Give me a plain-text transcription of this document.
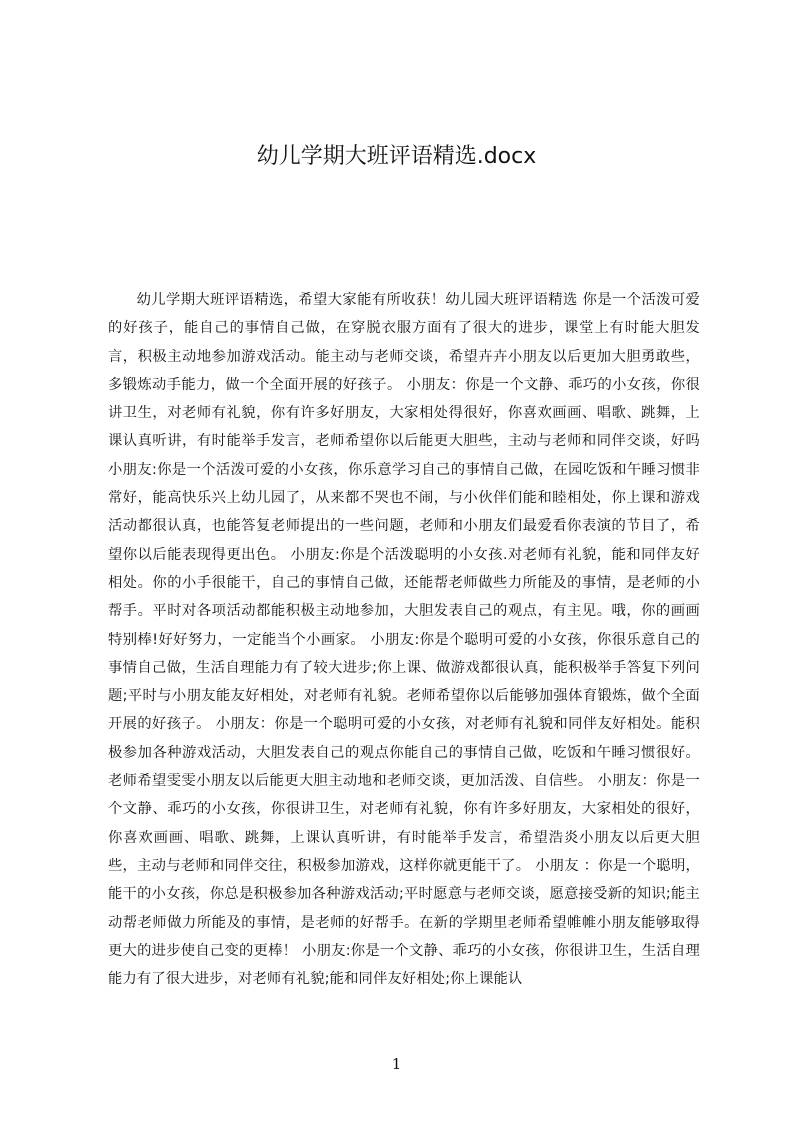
幼儿学期大班评语精选.docx

幼儿学期大班评语精选，希望大家能有所收获！幼儿园大班评语精选 你是一个活泼可爱的好孩子，能自己的事情自己做，在穿脱衣服方面有了很大的进步，课堂上有时能大胆发言，积极主动地参加游戏活动。能主动与老师交谈，希望卉卉小朋友以后更加大胆勇敢些，多锻炼动手能力，做一个全面开展的好孩子。 小朋友：你是一个文静、乖巧的小女孩，你很讲卫生，对老师有礼貌，你有许多好朋友，大家相处得很好，你喜欢画画、唱歌、跳舞，上课认真听讲，有时能举手发言，老师希望你以后能更大胆些，主动与老师和同伴交谈，好吗 小朋友:你是一个活泼可爱的小女孩，你乐意学习自己的事情自己做，在园吃饭和午睡习惯非常好，能高快乐兴上幼儿园了，从来都不哭也不闹，与小伙伴们能和睦相处，你上课和游戏活动都很认真，也能答复老师提出的一些问题，老师和小朋友们最爱看你表演的节目了，希望你以后能表现得更出色。 小朋友:你是个活泼聪明的小女孩.对老师有礼貌，能和同伴友好相处。你的小手很能干，自己的事情自己做，还能帮老师做些力所能及的事情，是老师的小帮手。平时对各项活动都能积极主动地参加，大胆发表自己的观点，有主见。哦，你的画画特别棒!好好努力，一定能当个小画家。 小朋友:你是个聪明可爱的小女孩，你很乐意自己的事情自己做，生活自理能力有了较大进步;你上课、做游戏都很认真，能积极举手答复下列问题;平时与小朋友能友好相处，对老师有礼貌。老师希望你以后能够加强体育锻炼，做个全面开展的好孩子。 小朋友：你是一个聪明可爱的小女孩，对老师有礼貌和同伴友好相处。能积极参加各种游戏活动，大胆发表自己的观点你能自己的事情自己做，吃饭和午睡习惯很好。老师希望雯雯小朋友以后能更大胆主动地和老师交谈，更加活泼、自信些。 小朋友：你是一个文静、乖巧的小女孩，你很讲卫生，对老师有礼貌，你有许多好朋友，大家相处的很好，你喜欢画画、唱歌、跳舞，上课认真听讲，有时能举手发言，希望浩炎小朋友以后更大胆些，主动与老师和同伴交往，积极参加游戏，这样你就更能干了。 小朋友 ：你是一个聪明，能干的小女孩，你总是积极参加各种游戏活动;平时愿意与老师交谈，愿意接受新的知识;能主动帮老师做力所能及的事情，是老师的好帮手。在新的学期里老师希望帷帷小朋友能够取得更大的进步使自己变的更棒！ 小朋友:你是一个文静、乖巧的小女孩，你很讲卫生，生活自理能力有了很大进步，对老师有礼貌;能和同伴友好相处;你上课能认

1
